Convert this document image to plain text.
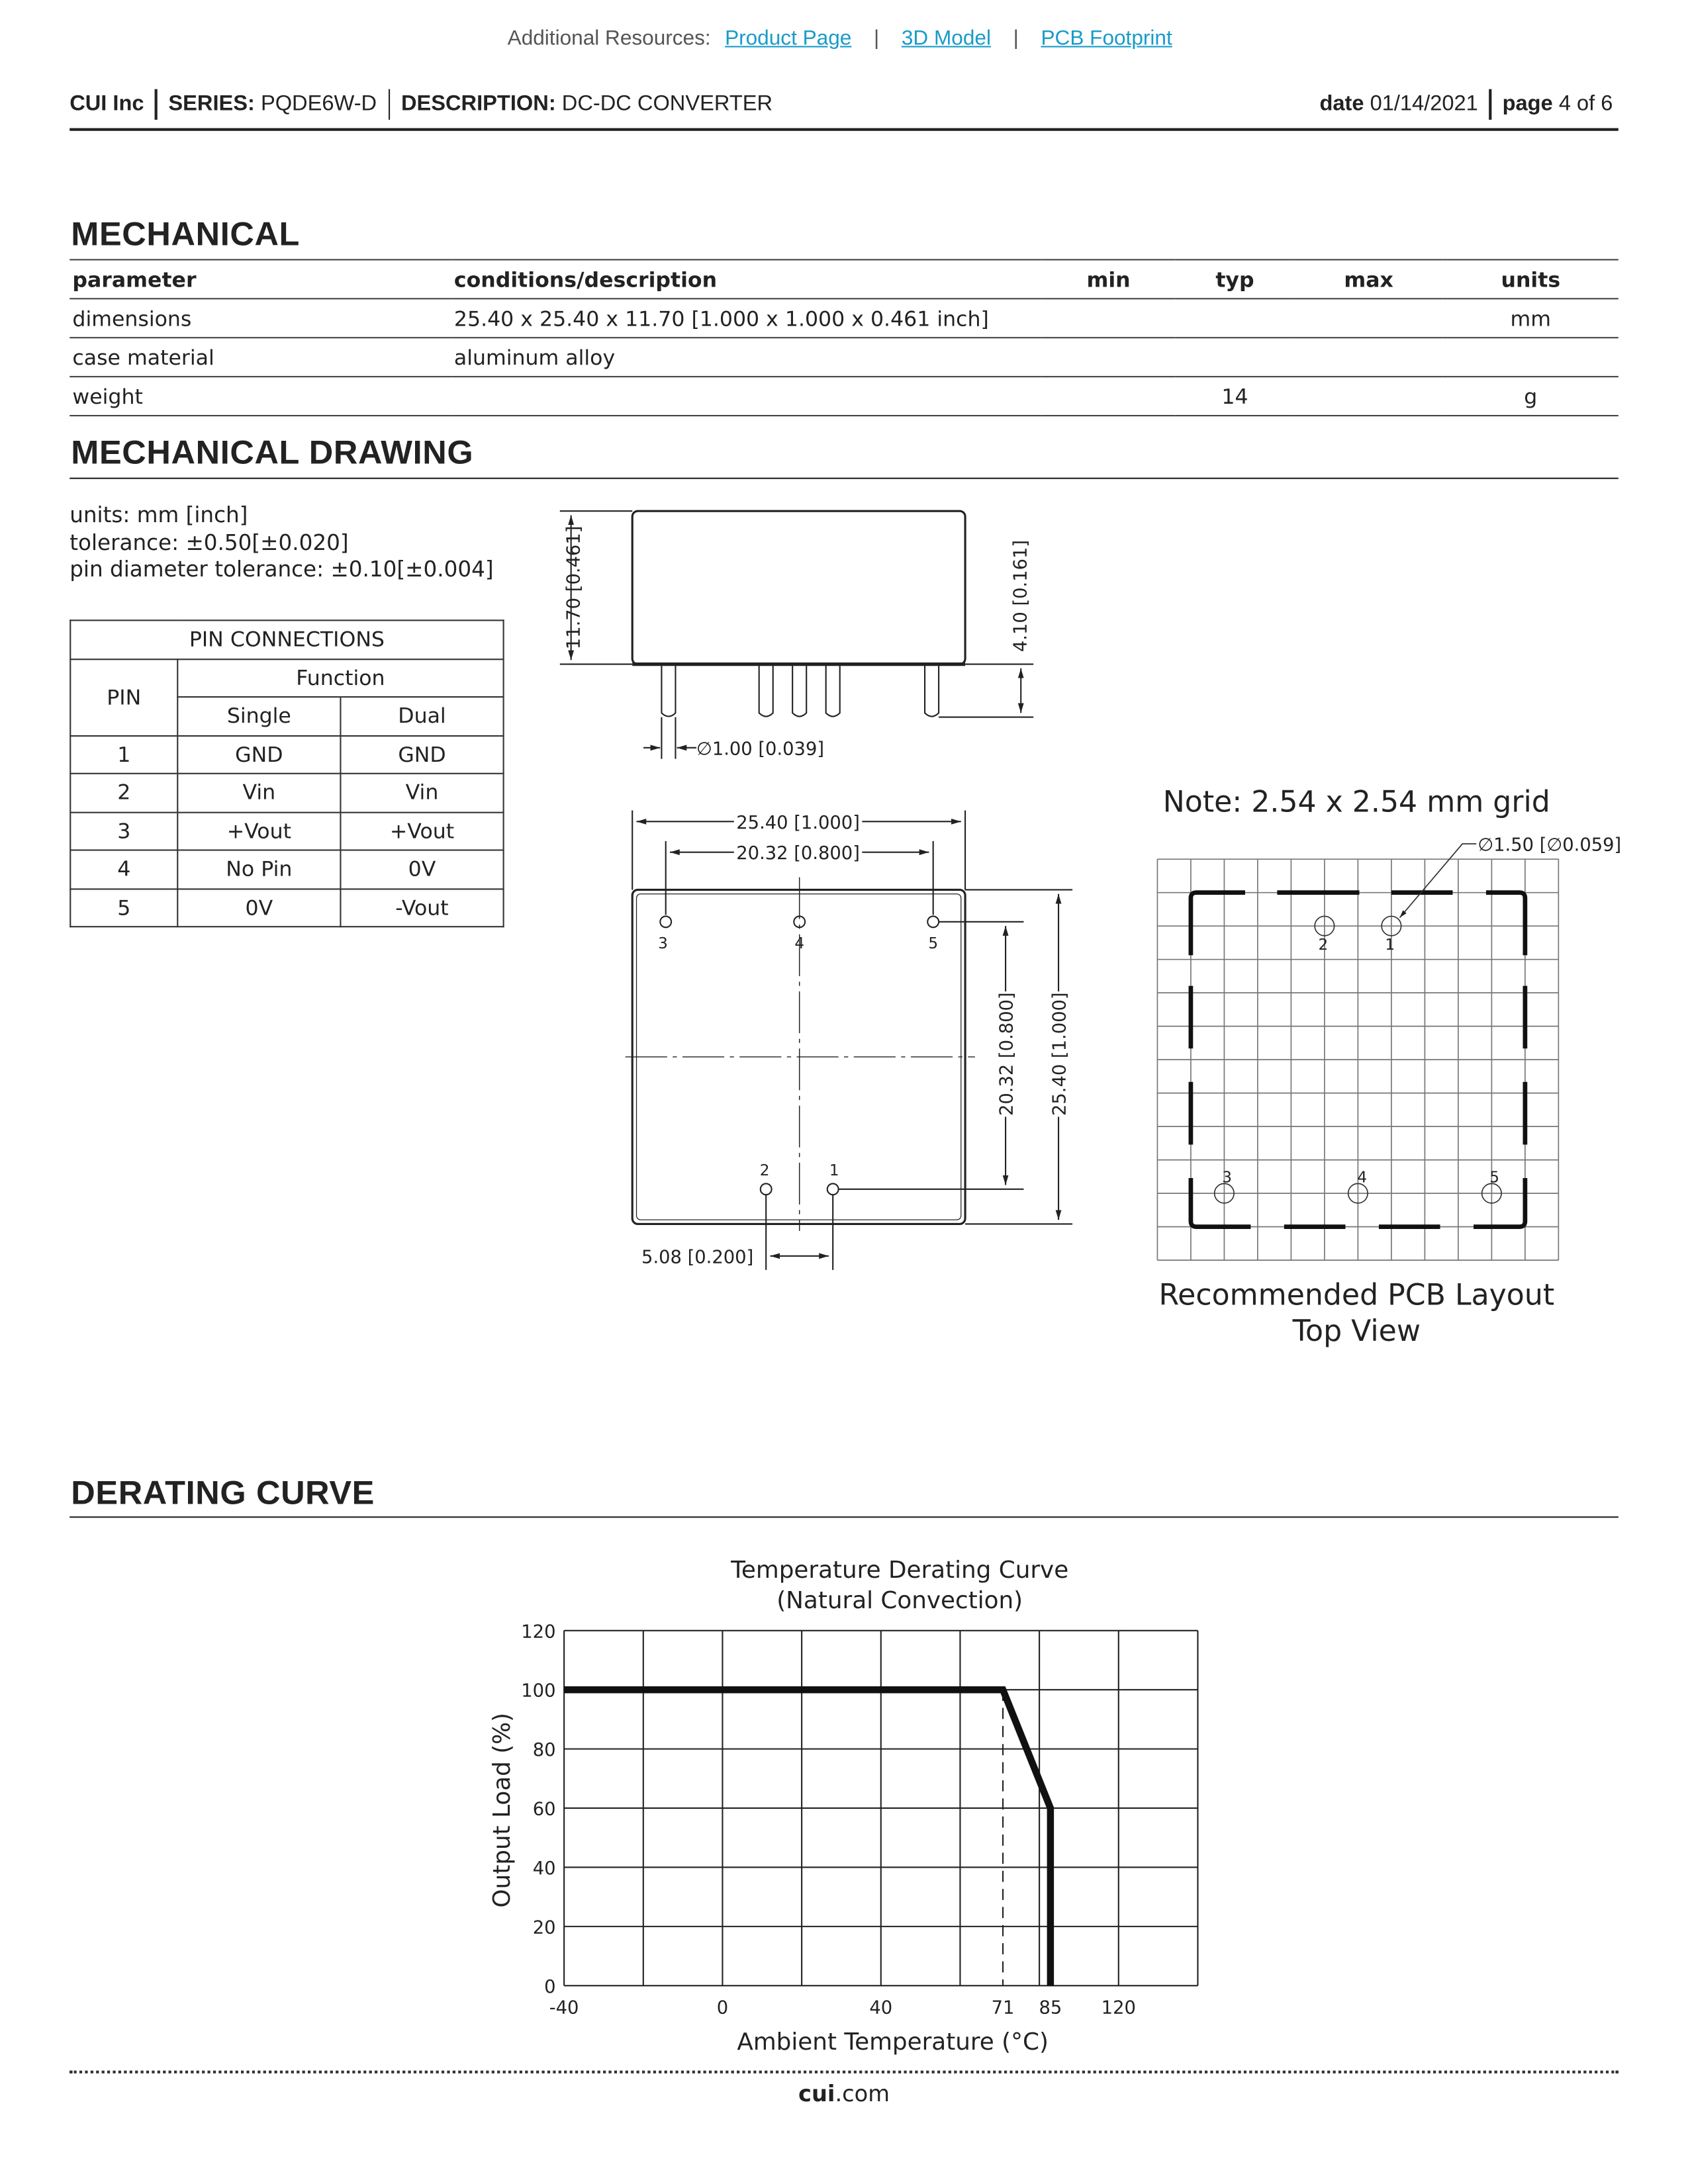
Additional Resources: Product Page | 3D Model | PCB Footprint
CUI Inc SERIES: PQDE6W-D DESCRIPTION: DC-DC CONVERTER	date 01/14/2021 page 4 of 6
MECHANICAL
parameter	conditions/description	min	typ	max	units
dimensions	25.40 x 25.40 x 11.70 [1.000 x 1.000 x 0.461 inch]				mm
case material	aluminum alloy				
weight			14		g
MECHANICAL DRAWING
units: mm [inch]
tolerance: ±0.50[±0.020]
pin diameter tolerance: ±0.10[±0.004]
PIN CONNECTIONS		
PIN	Function	
	Single	Dual
1	GND	GND
2	Vin	Vin
3	+Vout	+Vout
4	No Pin	0V
5	0V	-Vout
11.70 [0.461]	4.10 [0.161]
∅1.00 [0.039]
25.40 [1.000]
20.32 [0.800]
20.32 [0.800]	25.40 [1.000]
5.08 [0.200]
3	4	5
2	1
Note: 2.54 x 2.54 mm grid
2	1
3	4	5
∅1.50 [∅0.059]
Recommended PCB Layout
Top View
DERATING CURVE
0
20
40
60
80
100
120
-40	0	40	71	85	120
Temperature Derating Curve
(Natural Convection)
Ambient Temperature (°C)
Output Load (%)
cui.com
